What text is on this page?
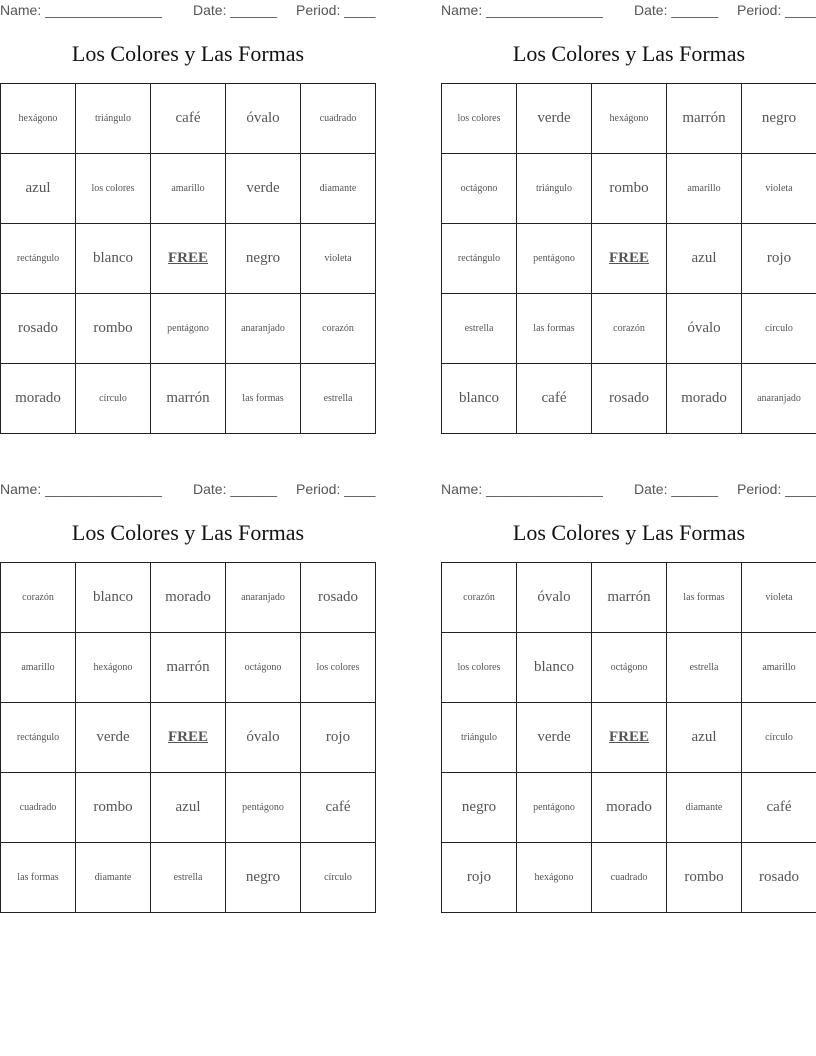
Name: _______________ Date: ______ Period: ____
Los Colores y Las Formas
hexágono	triángulo	café	óvalo	cuadrado
azul	los colores	amarillo	verde	diamante
rectángulo	blanco	FREE	negro	violeta
rosado	rombo	pentágono	anaranjado	corazón
morado	círculo	marrón	las formas	estrella
Name: _______________ Date: ______ Period: ____
Los Colores y Las Formas
los colores	verde	hexágono	marrón	negro
octágono	triángulo	rombo	amarillo	violeta
rectángulo	pentágono	FREE	azul	rojo
estrella	las formas	corazón	óvalo	círculo
blanco	café	rosado	morado	anaranjado
Name: _______________ Date: ______ Period: ____
Los Colores y Las Formas
corazón	blanco	morado	anaranjado	rosado
amarillo	hexágono	marrón	octágono	los colores
rectángulo	verde	FREE	óvalo	rojo
cuadrado	rombo	azul	pentágono	café
las formas	diamante	estrella	negro	círculo
Name: _______________ Date: ______ Period: ____
Los Colores y Las Formas
corazón	óvalo	marrón	las formas	violeta
los colores	blanco	octágono	estrella	amarillo
triángulo	verde	FREE	azul	círculo
negro	pentágono	morado	diamante	café
rojo	hexágono	cuadrado	rombo	rosado
